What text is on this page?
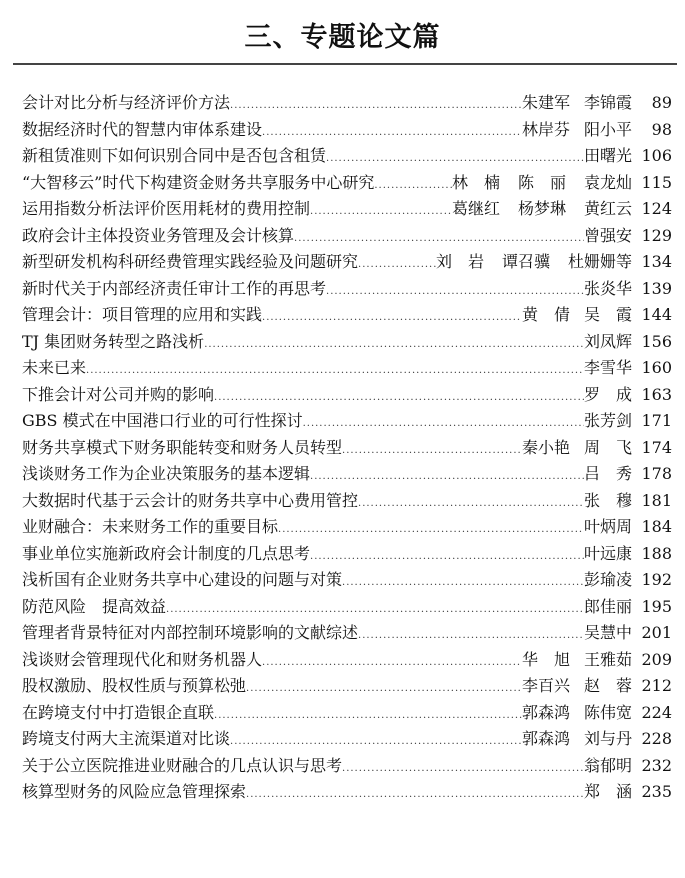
三、专题论文篇
会计对比分析与经济评价方法 .....	朱建军 李锦霞	89
数据经济时代的智慧内审体系建设 .....	林岸芬 阳小平	98
新租赁准则下如何识别合同中是否包含租赁 .....	田曙光 106
“大智移云”时代下构建资金财务共享服务中心研究 .....	林　楠 陈　丽 袁龙灿 115
运用指数分析法评价医用耗材的费用控制 .....	葛继红 杨梦琳 黄红云 124
政府会计主体投资业务管理及会计核算 .....	曾强安 129
新型研发机构科研经费管理实践经验及问题研究 .....	刘　岩 谭召骥 杜姗姗等 134
新时代关于内部经济责任审计工作的再思考 .....	张炎华 139
管理会计：项目管理的应用和实践 .....	黄　倩 吴　霞 144
TJ 集团财务转型之路浅析 .....	刘凤辉 156
未来已来 .....	李雪华 160
下推会计对公司并购的影响 .....	罗　成 163
GBS 模式在中国港口行业的可行性探讨 .....	张芳剑 171
财务共享模式下财务职能转变和财务人员转型 .....	秦小艳 周　飞 174
浅谈财务工作为企业决策服务的基本逻辑 .....	吕　秀 178
大数据时代基于云会计的财务共享中心费用管控 .....	张　穆 181
业财融合：未来财务工作的重要目标 .....	叶炳周 184
事业单位实施新政府会计制度的几点思考 .....	叶远康 188
浅析国有企业财务共享中心建设的问题与对策 .....	彭瑜凌 192
防范风险　提高效益 .....	郎佳丽 195
管理者背景特征对内部控制环境影响的文献综述 .....	吴慧中 201
浅谈财会管理现代化和财务机器人 .....	华　旭 王雅茹 209
股权激励、股权性质与预算松弛 .....	李百兴 赵　蓉 212
在跨境支付中打造银企直联 .....	郭森鸿 陈伟宽 224
跨境支付两大主流渠道对比谈 .....	郭森鸿 刘与丹 228
关于公立医院推进业财融合的几点认识与思考 .....	翁郁明 232
核算型财务的风险应急管理探索 .....	郑　涵 235
